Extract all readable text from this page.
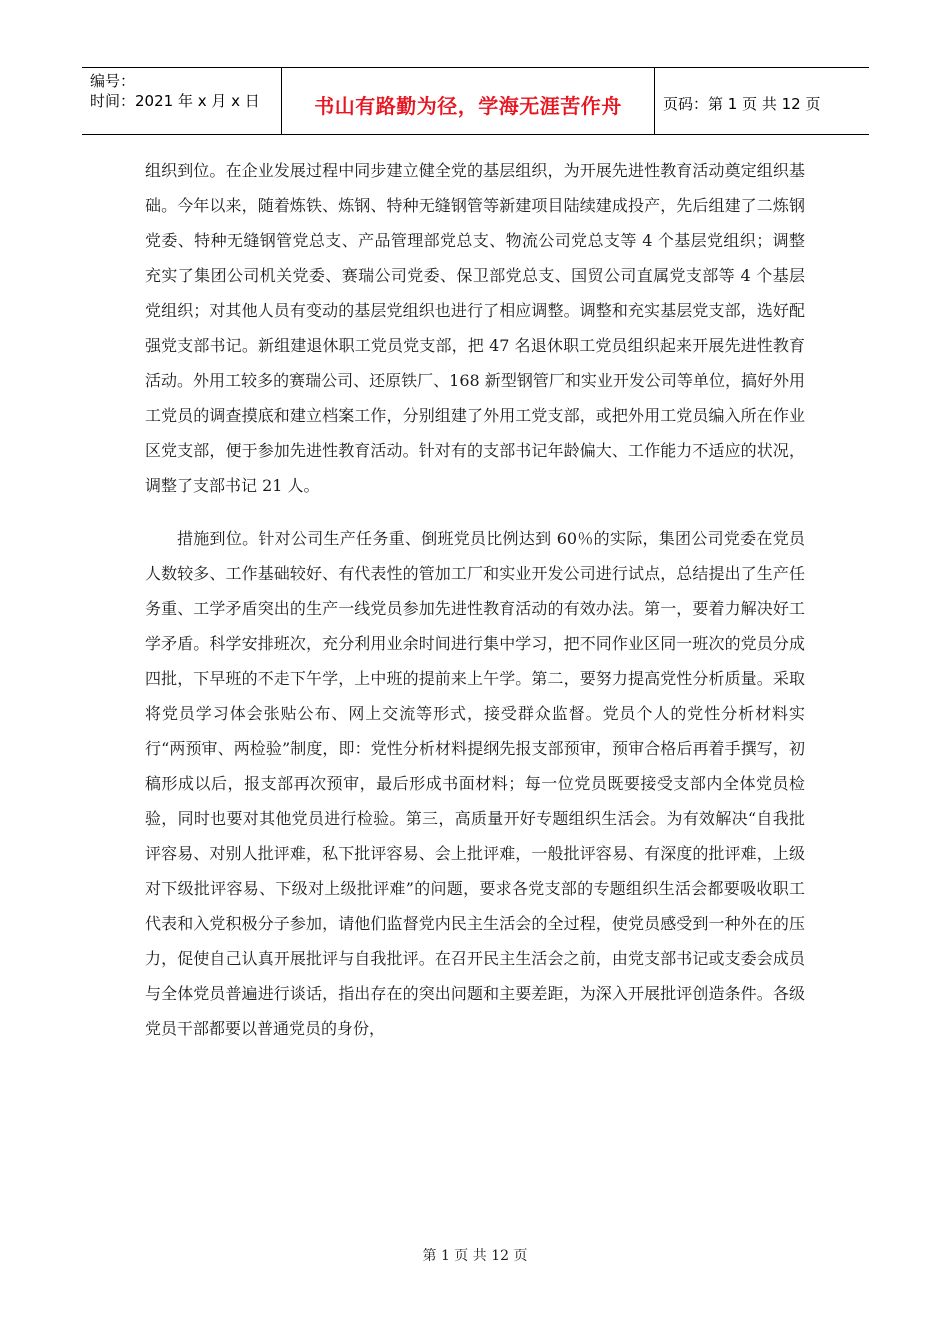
编号：
时间：2021 年 x 月 x 日	书山有路勤为径，学海无涯苦作舟	页码：第 1 页 共 12 页

组织到位。在企业发展过程中同步建立健全党的基层组织，为开展先进性教育活动奠定组织基础。今年以来，随着炼铁、炼钢、特种无缝钢管等新建项目陆续建成投产，先后组建了二炼钢党委、特种无缝钢管党总支、产品管理部党总支、物流公司党总支等 4 个基层党组织；调整充实了集团公司机关党委、赛瑞公司党委、保卫部党总支、国贸公司直属党支部等 4 个基层党组织；对其他人员有变动的基层党组织也进行了相应调整。调整和充实基层党支部，选好配强党支部书记。新组建退休职工党员党支部，把 47 名退休职工党员组织起来开展先进性教育活动。外用工较多的赛瑞公司、还原铁厂、168 新型钢管厂和实业开发公司等单位，搞好外用工党员的调查摸底和建立档案工作，分别组建了外用工党支部，或把外用工党员编入所在作业区党支部，便于参加先进性教育活动。针对有的支部书记年龄偏大、工作能力不适应的状况，调整了支部书记 21 人。

措施到位。针对公司生产任务重、倒班党员比例达到 60％的实际，集团公司党委在党员人数较多、工作基础较好、有代表性的管加工厂和实业开发公司进行试点，总结提出了生产任务重、工学矛盾突出的生产一线党员参加先进性教育活动的有效办法。第一，要着力解决好工学矛盾。科学安排班次，充分利用业余时间进行集中学习，把不同作业区同一班次的党员分成四批，下早班的不走下午学，上中班的提前来上午学。第二，要努力提高党性分析质量。采取将党员学习体会张贴公布、网上交流等形式，接受群众监督。党员个人的党性分析材料实行“两预审、两检验”制度，即：党性分析材料提纲先报支部预审，预审合格后再着手撰写，初稿形成以后，报支部再次预审，最后形成书面材料；每一位党员既要接受支部内全体党员检验，同时也要对其他党员进行检验。第三，高质量开好专题组织生活会。为有效解决“自我批评容易、对别人批评难，私下批评容易、会上批评难，一般批评容易、有深度的批评难，上级对下级批评容易、下级对上级批评难”的问题，要求各党支部的专题组织生活会都要吸收职工代表和入党积极分子参加，请他们监督党内民主生活会的全过程，使党员感受到一种外在的压力，促使自己认真开展批评与自我批评。在召开民主生活会之前，由党支部书记或支委会成员与全体党员普遍进行谈话，指出存在的突出问题和主要差距，为深入开展批评创造条件。各级党员干部都要以普通党员的身份，

第 1 页 共 12 页
